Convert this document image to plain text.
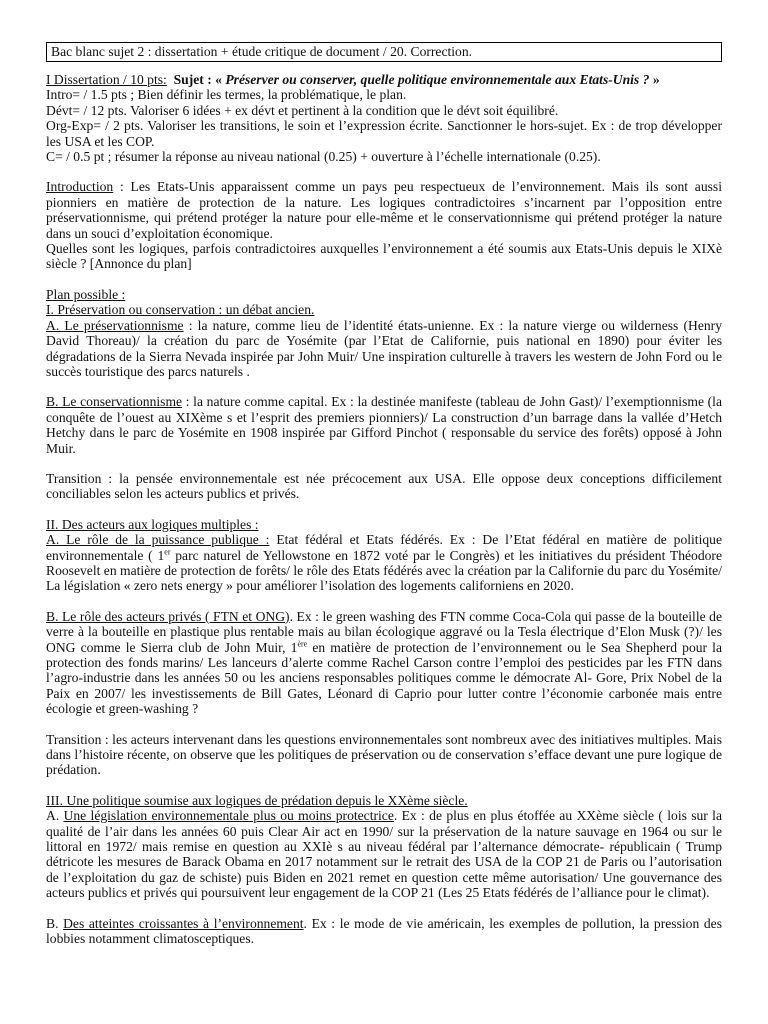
Bac blanc sujet 2 : dissertation + étude critique de document / 20. Correction.

I Dissertation / 10 pts: Sujet : « Préserver ou conserver, quelle politique environnementale aux Etats-Unis ? »

Intro= / 1.5 pts ; Bien définir les termes, la problématique, le plan.

Dévt= / 12 pts. Valoriser 6 idées + ex dévt et pertinent à la condition que le dévt soit équilibré.

Org-Exp= / 2 pts. Valoriser les transitions, le soin et l’expression écrite. Sanctionner le hors-sujet. Ex : de trop développer les USA et les COP.

C= / 0.5 pt ; résumer la réponse au niveau national (0.25) + ouverture à l’échelle internationale (0.25).

Introduction : Les Etats-Unis apparaissent comme un pays peu respectueux de l’environnement. Mais ils sont aussi pionniers en matière de protection de la nature. Les logiques contradictoires s’incarnent par l’opposition entre préservationnisme, qui prétend protéger la nature pour elle-même et le conservationnisme qui prétend protéger la nature dans un souci d’exploitation économique.

Quelles sont les logiques, parfois contradictoires auxquelles l’environnement a été soumis aux Etats-Unis depuis le XIXè siècle ? [Annonce du plan]

Plan possible :

I. Préservation ou conservation : un débat ancien.

A. Le préservationnisme : la nature, comme lieu de l’identité états-unienne. Ex : la nature vierge ou wilderness (Henry David Thoreau)/ la création du parc de Yosémite (par l’Etat de Californie, puis national en 1890) pour éviter les dégradations de la Sierra Nevada inspirée par John Muir/ Une inspiration culturelle à travers les western de John Ford ou le succès touristique des parcs naturels .

B. Le conservationnisme : la nature comme capital. Ex : la destinée manifeste (tableau de John Gast)/ l’exemptionnisme (la conquête de l’ouest au XIXème s et l’esprit des premiers pionniers)/ La construction d’un barrage dans la vallée d’Hetch Hetchy dans le parc de Yosémite en 1908 inspirée par Gifford Pinchot ( responsable du service des forêts) opposé à John Muir.

Transition : la pensée environnementale est née précocement aux USA. Elle oppose deux conceptions difficilement conciliables selon les acteurs publics et privés.

II. Des acteurs aux logiques multiples :

A. Le rôle de la puissance publique : Etat fédéral et Etats fédérés. Ex : De l’Etat fédéral en matière de politique environnementale ( 1er parc naturel de Yellowstone en 1872 voté par le Congrès) et les initiatives du président Théodore Roosevelt en matière de protection de forêts/ le rôle des Etats fédérés avec la création par la Californie du parc du Yosémite/ La législation « zero nets energy » pour améliorer l’isolation des logements californiens en 2020.

B. Le rôle des acteurs privés ( FTN et ONG). Ex : le green washing des FTN comme Coca-Cola qui passe de la bouteille de verre à la bouteille en plastique plus rentable mais au bilan écologique aggravé ou la Tesla électrique d’Elon Musk (?)/ les ONG comme le Sierra club de John Muir, 1ère en matière de protection de l’environnement ou le Sea Shepherd pour la protection des fonds marins/ Les lanceurs d’alerte comme Rachel Carson contre l’emploi des pesticides par les FTN dans l’agro-industrie dans les années 50 ou les anciens responsables politiques comme le démocrate Al- Gore, Prix Nobel de la Paix en 2007/ les investissements de Bill Gates, Léonard di Caprio pour lutter contre l’économie carbonée mais entre écologie et green-washing ?

Transition : les acteurs intervenant dans les questions environnementales sont nombreux avec des initiatives multiples. Mais dans l’histoire récente, on observe que les politiques de préservation ou de conservation s’efface devant une pure logique de prédation.

III. Une politique soumise aux logiques de prédation depuis le XXème siècle.

A. Une législation environnementale plus ou moins protectrice. Ex : de plus en plus étoffée au XXème siècle ( lois sur la qualité de l’air dans les années 60 puis Clear Air act en 1990/ sur la préservation de la nature sauvage en 1964 ou sur le littoral en 1972/ mais remise en question au XXIè s au niveau fédéral par l’alternance démocrate- républicain ( Trump détricote les mesures de Barack Obama en 2017 notamment sur le retrait des USA de la COP 21 de Paris ou l’autorisation de l’exploitation du gaz de schiste) puis Biden en 2021 remet en question cette même autorisation/ Une gouvernance des acteurs publics et privés qui poursuivent leur engagement de la COP 21 (Les 25 Etats fédérés de l’alliance pour le climat).

B. Des atteintes croissantes à l’environnement. Ex : le mode de vie américain, les exemples de pollution, la pression des lobbies notamment climatosceptiques.
